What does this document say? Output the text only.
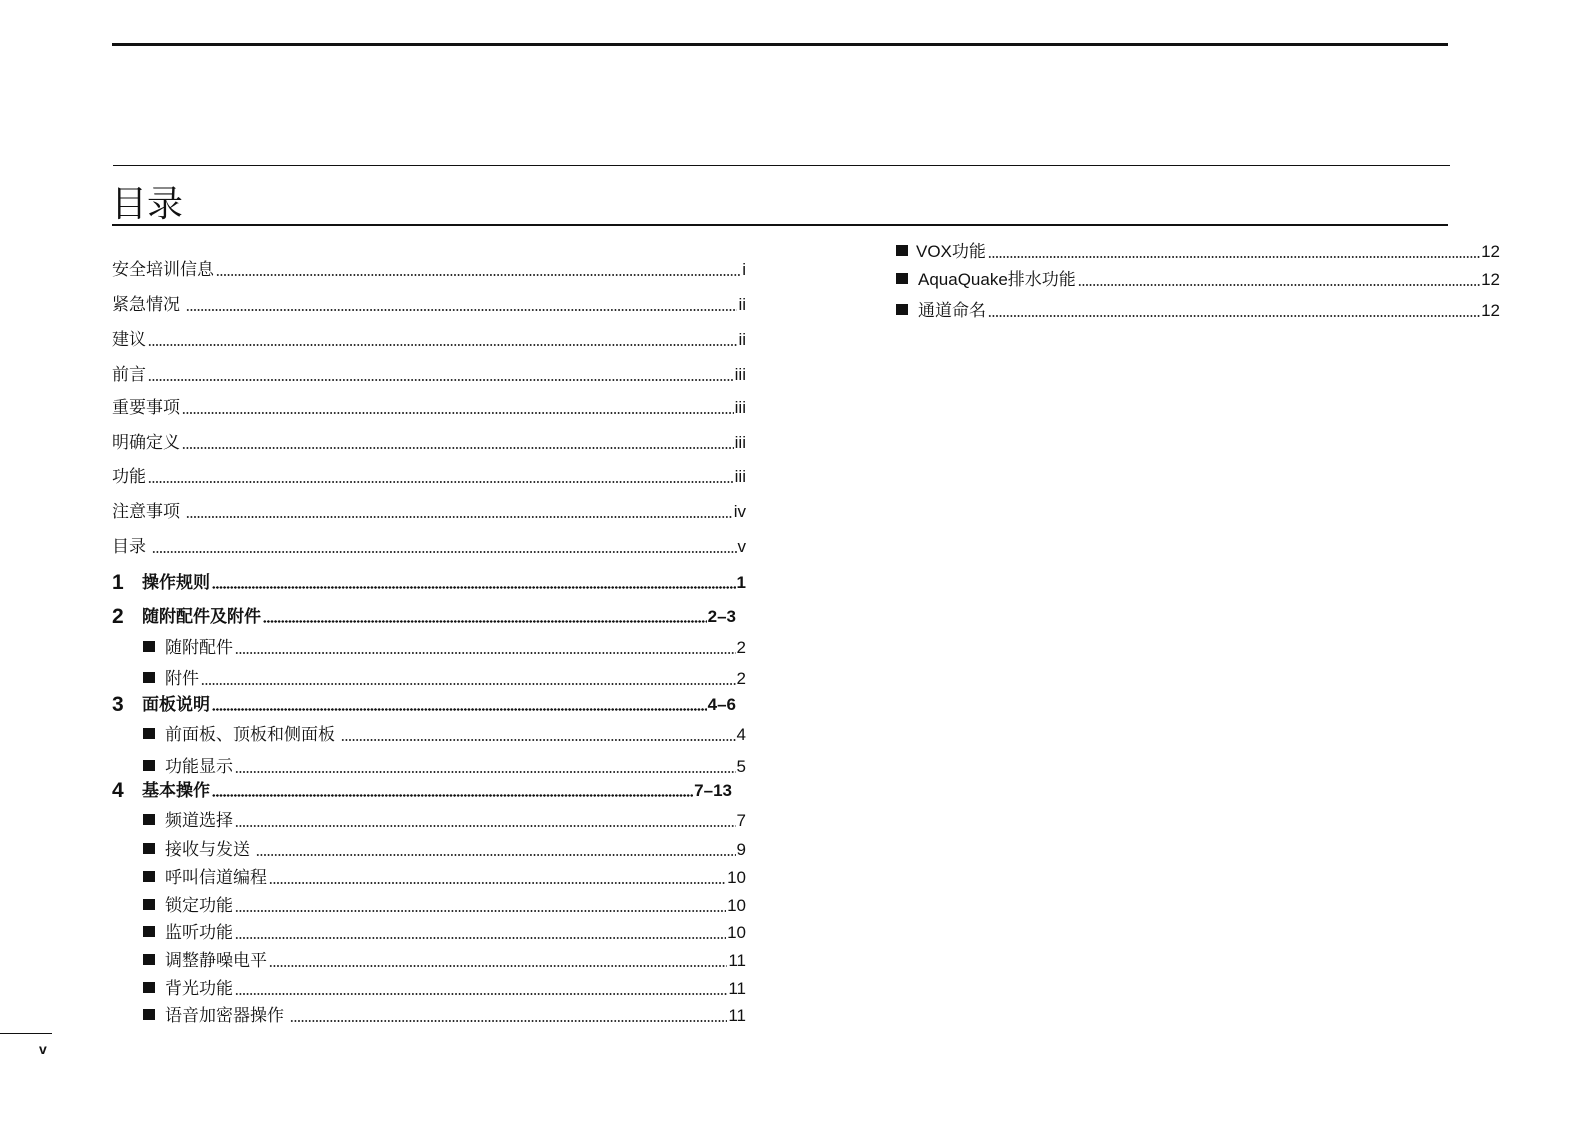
目录
安全培训信息	i
紧急情况	ii
建议	ii
前言	iii
重要事项	iii
明确定义	iii
功能	iii
注意事项	iv
目录	v
1	操作规则	1
2	随附配件及附件	2–3
随附配件	2
附件	2
3	面板说明	4–6
前面板、顶板和侧面板	4
功能显示	5
4	基本操作	7–13
频道选择	7
接收与发送	9
呼叫信道编程	10
锁定功能	10
监听功能	10
调整静噪电平	11
背光功能	11
语音加密器操作	11
VOX功能	12
AquaQuake排水功能	12
通道命名	12
v
